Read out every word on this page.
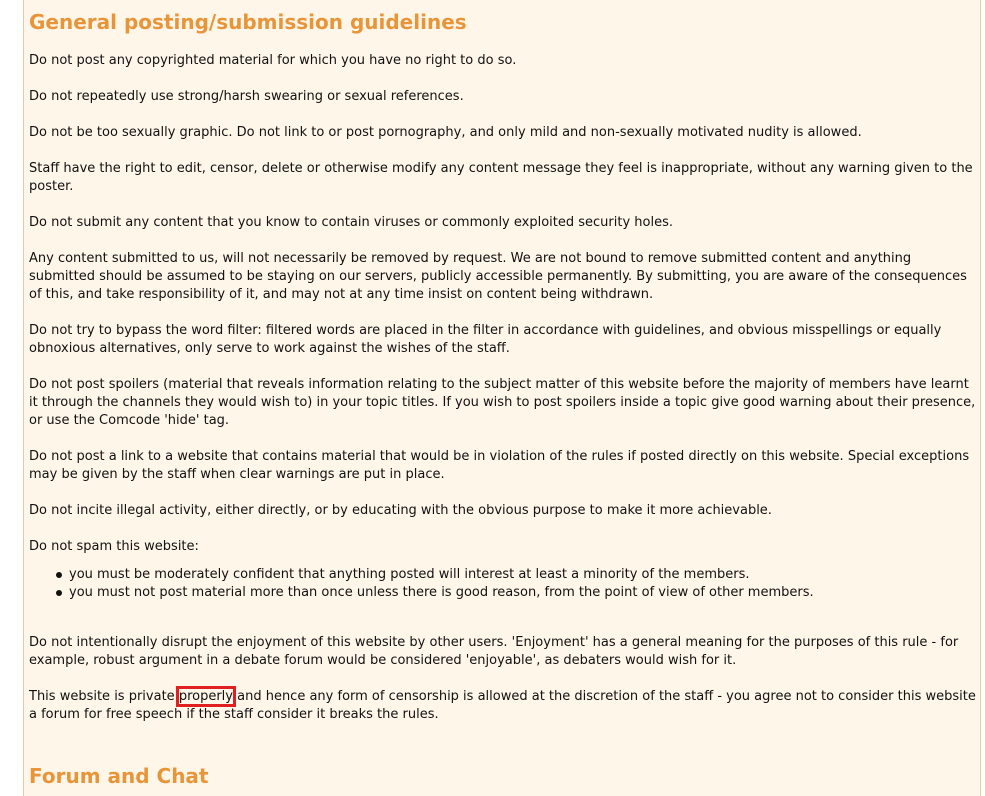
General posting/submission guidelines

Do not post any copyrighted material for which you have no right to do so.

Do not repeatedly use strong/harsh swearing or sexual references.

Do not be too sexually graphic. Do not link to or post pornography, and only mild and non-sexually motivated nudity is allowed.

Staff have the right to edit, censor, delete or otherwise modify any content message they feel is inappropriate, without any warning given to the poster.

Do not submit any content that you know to contain viruses or commonly exploited security holes.

Any content submitted to us, will not necessarily be removed by request. We are not bound to remove submitted content and anything submitted should be assumed to be staying on our servers, publicly accessible permanently. By submitting, you are aware of the consequences of this, and take responsibility of it, and may not at any time insist on content being withdrawn.

Do not try to bypass the word filter: filtered words are placed in the filter in accordance with guidelines, and obvious misspellings or equally obnoxious alternatives, only serve to work against the wishes of the staff.

Do not post spoilers (material that reveals information relating to the subject matter of this website before the majority of members have learnt it through the channels they would wish to) in your topic titles. If you wish to post spoilers inside a topic give good warning about their presence, or use the Comcode 'hide' tag.

Do not post a link to a website that contains material that would be in violation of the rules if posted directly on this website. Special exceptions may be given by the staff when clear warnings are put in place.

Do not incite illegal activity, either directly, or by educating with the obvious purpose to make it more achievable.

Do not spam this website:

you must be moderately confident that anything posted will interest at least a minority of the members.
you must not post material more than once unless there is good reason, from the point of view of other members.

Do not intentionally disrupt the enjoyment of this website by other users. 'Enjoyment' has a general meaning for the purposes of this rule - for example, robust argument in a debate forum would be considered 'enjoyable', as debaters would wish for it.

This website is private properly and hence any form of censorship is allowed at the discretion of the staff - you agree not to consider this website a forum for free speech if the staff consider it breaks the rules.

Forum and Chat
